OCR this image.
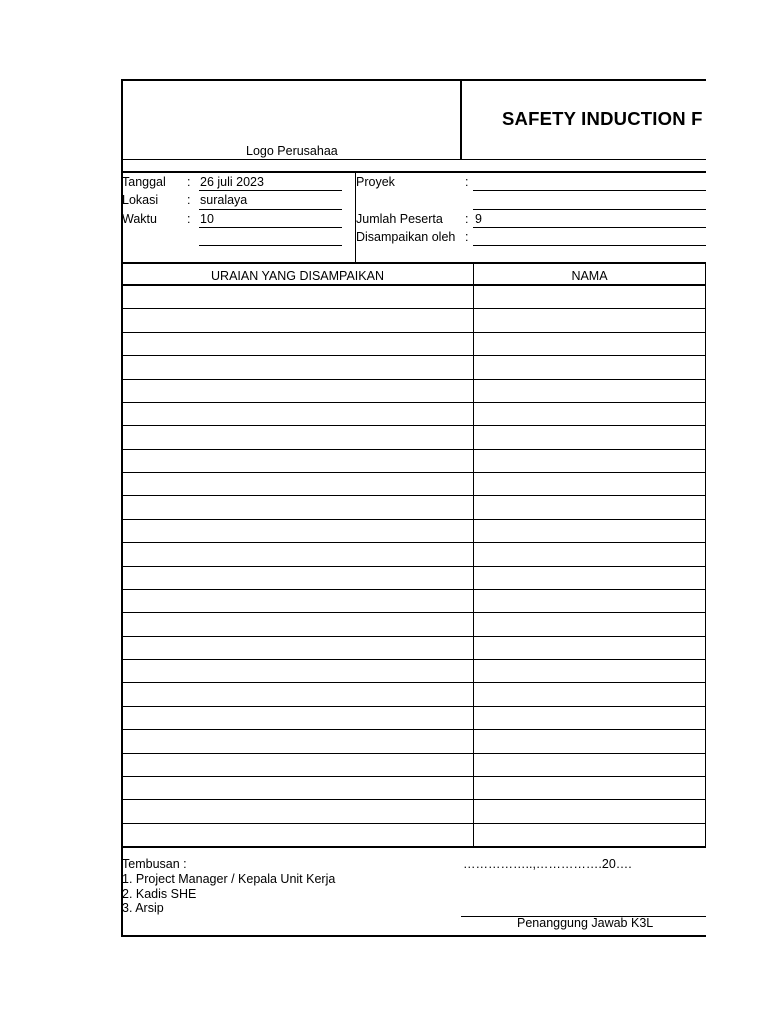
Logo Perusahaa
SAFETY INDUCTION F
Tanggal : 26 juli 2023
Lokasi : suralaya
Waktu : 10
Proyek	:
Jumlah Peserta : 9
Disampaikan oleh :
URAIAN YANG DISAMPAIKAN	NAMA
Tembusan :
1. Project Manager / Kepala Unit Kerja
2. Kadis SHE
3. Arsip
……………..,…………….20….
Penanggung Jawab K3L
